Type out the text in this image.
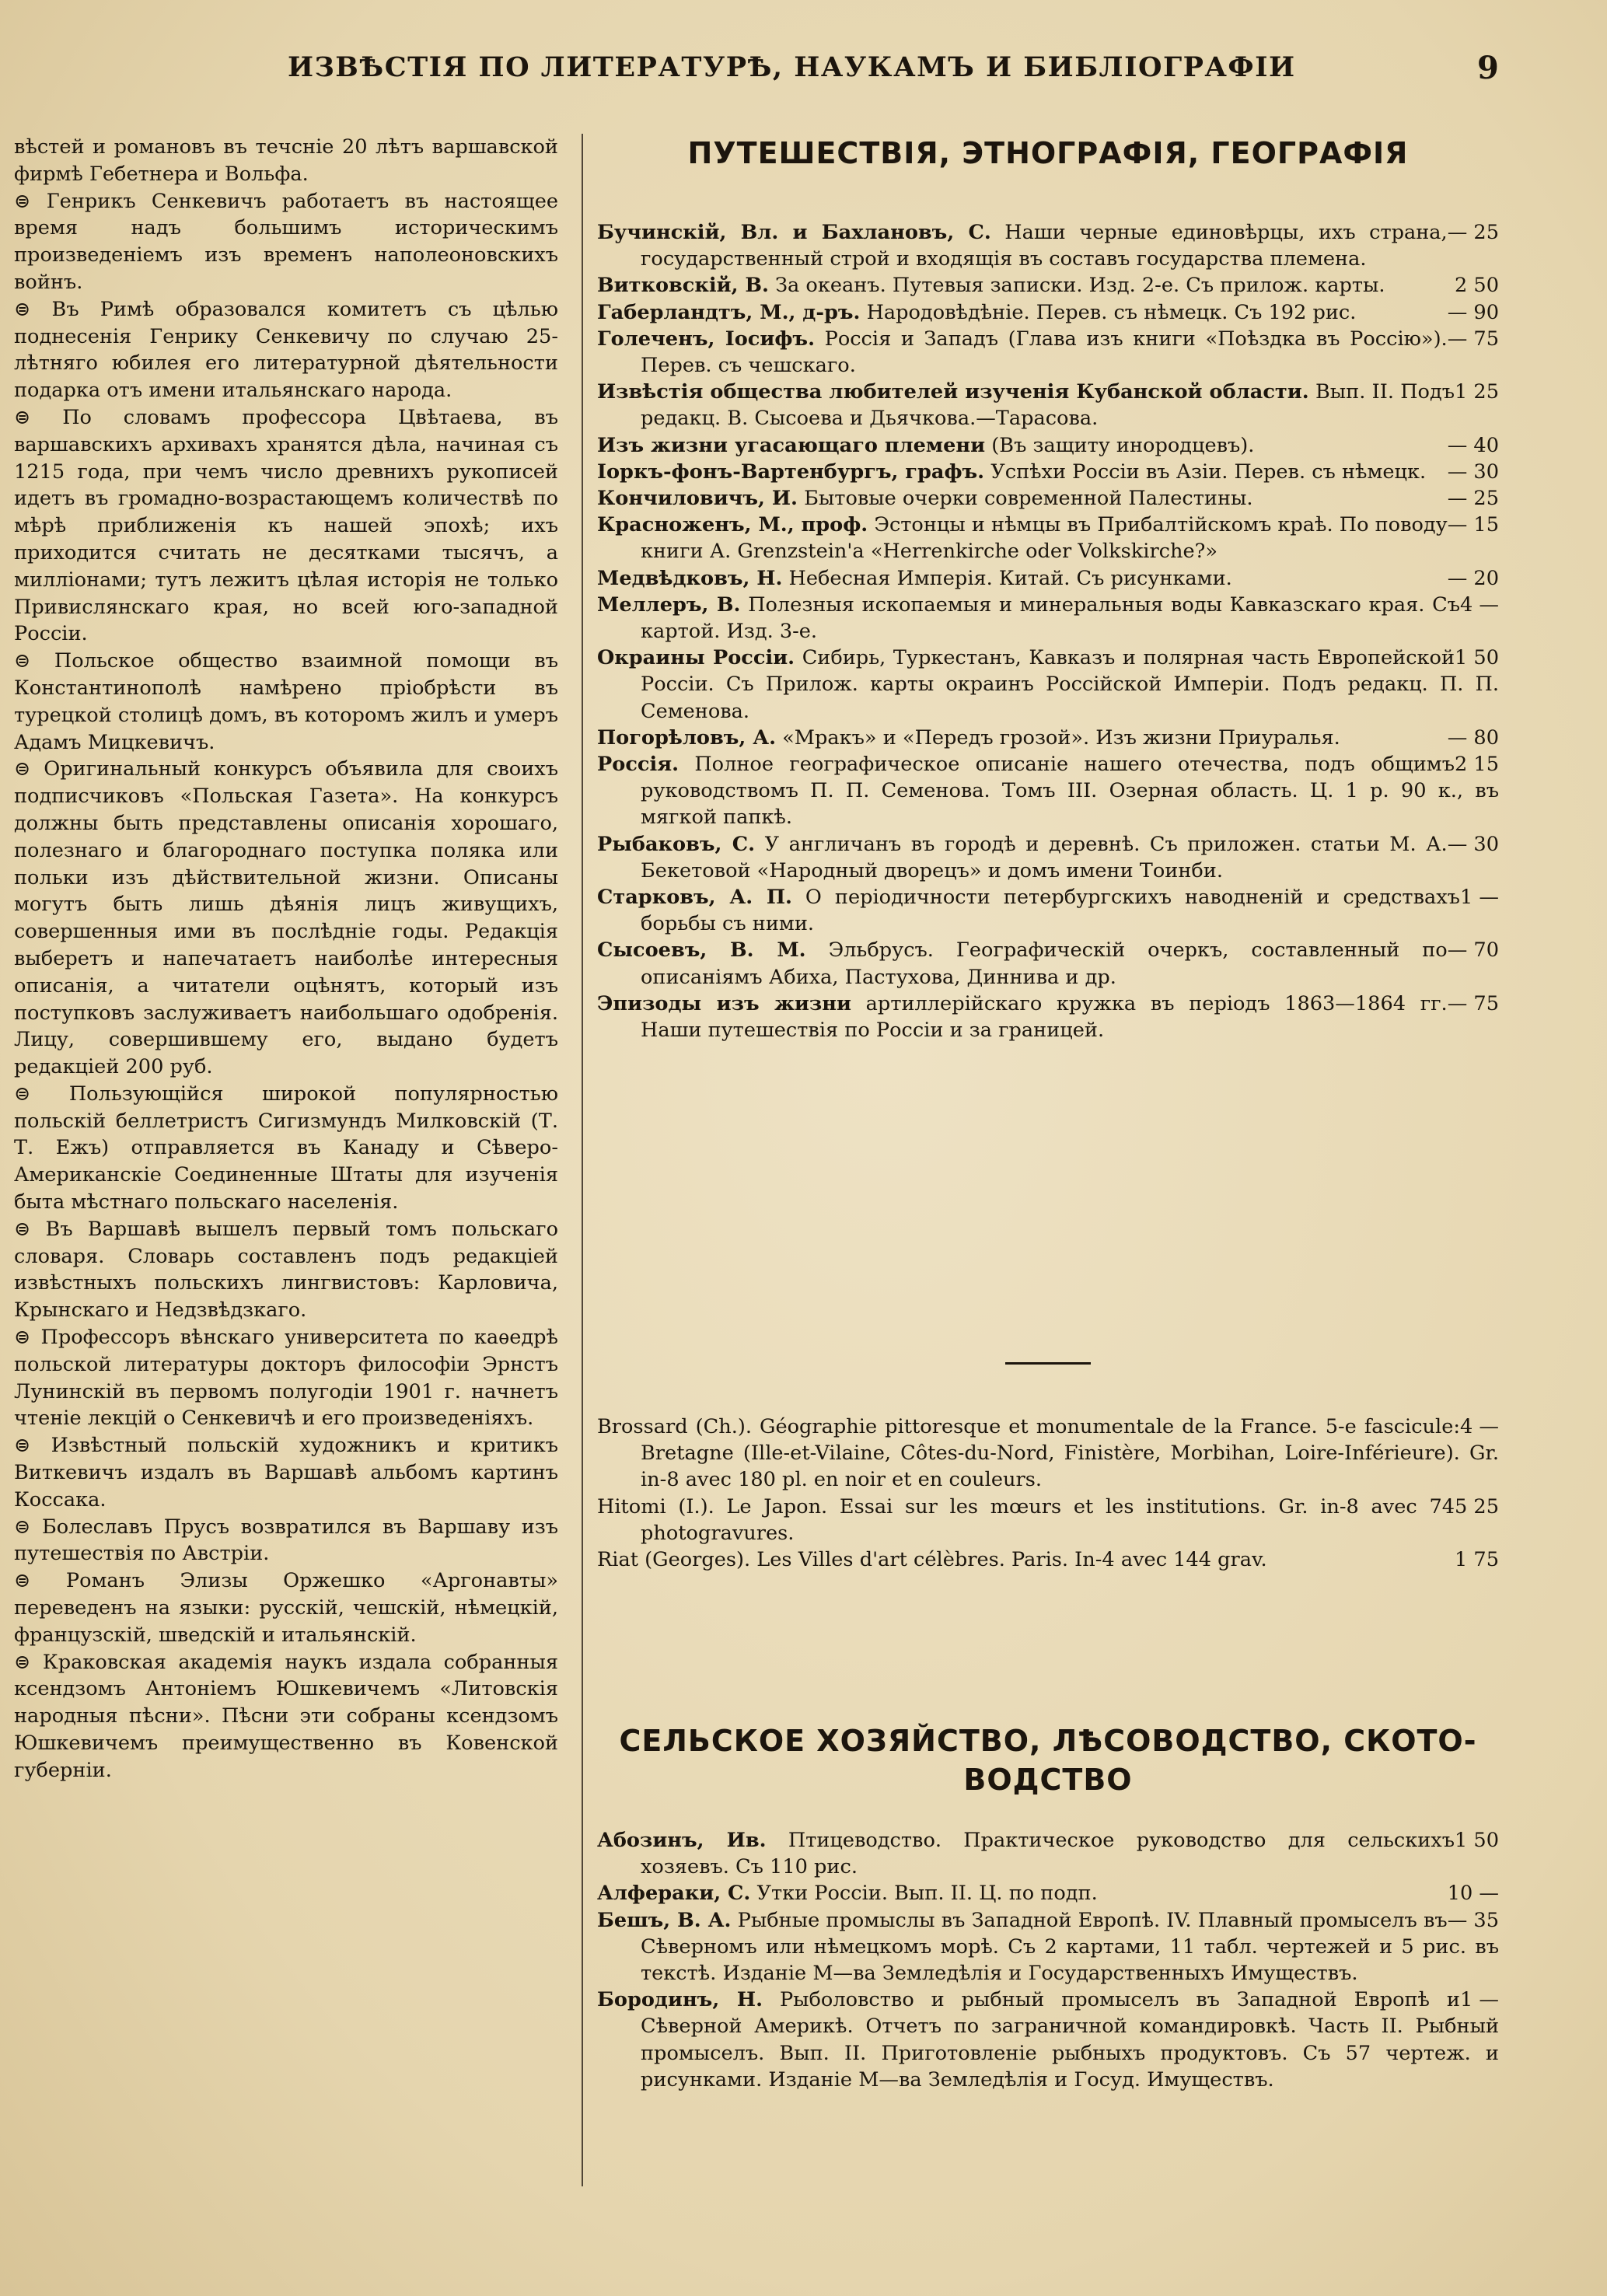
ИЗВѢСТІЯ ПО ЛИТЕРАТУРѢ, НАУКАМЪ И БИБЛІОГРАФІИ	9

вѣстей и романовъ въ течсніе 20 лѣтъ варшавской фирмѣ Гебетнера и Вольфа.

⊜ Генрикъ Сенкевичъ работаетъ въ настоящее время надъ большимъ историческимъ произведеніемъ изъ временъ наполеоновскихъ войнъ.

⊜ Въ Римѣ образовался комитетъ съ цѣлью поднесенія Генрику Сенкевичу по случаю 25-лѣтняго юбилея его литературной дѣятельности подарка отъ имени итальянскаго народа.

⊜ По словамъ профессора Цвѣтаева, въ варшавскихъ архивахъ хранятся дѣла, начиная съ 1215 года, при чемъ число древнихъ рукописей идетъ въ громадно-возрастающемъ количествѣ по мѣрѣ приближенія къ нашей эпохѣ; ихъ приходится считать не десятками тысячъ, а милліонами; тутъ лежитъ цѣлая исторія не только Привислянскаго края, но всей юго-западной Россіи.

⊜ Польское общество взаимной помощи въ Константинополѣ намѣрено пріобрѣсти въ турецкой столицѣ домъ, въ которомъ жилъ и умеръ Адамъ Мицкевичъ.

⊜ Оригинальный конкурсъ объявила для своихъ подписчиковъ «Польская Газета». На конкурсъ должны быть представлены описанія хорошаго, полезнаго и благороднаго поступка поляка или польки изъ дѣйствительной жизни. Описаны могутъ быть лишь дѣянія лицъ живущихъ, совершенныя ими въ послѣдніе годы. Редакція выберетъ и напечатаетъ наиболѣе интересныя описанія, а читатели оцѣнятъ, который изъ поступковъ заслуживаетъ наибольшаго одобренія. Лицу, совершившему его, выдано будетъ редакціей 200 руб.

⊜ Пользующійся широкой популярностью польскій беллетристъ Сигизмундъ Милковскій (Т. Т. Ежъ) отправляется въ Канаду и Сѣверо-Американскіе Соединенные Штаты для изученія быта мѣстнаго польскаго населенія.

⊜ Въ Варшавѣ вышелъ первый томъ польскаго словаря. Словарь составленъ подъ редакціей извѣстныхъ польскихъ лингвистовъ: Карловича, Крынскаго и Недзвѣдзкаго.

⊜ Профессоръ вѣнскаго университета по каѳедрѣ польской литературы докторъ философіи Эрнстъ Лунинскій въ первомъ полугодіи 1901 г. начнетъ чтеніе лекцій о Сенкевичѣ и его произведеніяхъ.

⊜ Извѣстный польскій художникъ и критикъ Виткевичъ издалъ въ Варшавѣ альбомъ картинъ Коссака.

⊜ Болеславъ Прусъ возвратился въ Варшаву изъ путешествія по Австріи.

⊜ Романъ Элизы Оржешко «Аргонавты» переведенъ на языки: русскій, чешскій, нѣмецкій, французскій, шведскій и итальянскій.

⊜ Краковская академія наукъ издала собранныя ксендзомъ Антоніемъ Юшкевичемъ «Литовскія народныя пѣсни». Пѣсни эти собраны ксендзомъ Юшкевичемъ преимущественно въ Ковенской губерніи.

ПУТЕШЕСТВІЯ, ЭТНОГРАФІЯ, ГЕОГРАФІЯ
— 25
Бучинскій, Вл. и Бахлановъ, С. Наши черные единовѣрцы, ихъ страна, государственный строй и входящія въ составъ государства племена.
2 50
Витковскій, В. За океанъ. Путевыя записки. Изд. 2-е. Съ прилож. карты.
— 90
Габерландтъ, М., д-ръ. Народовѣдѣніе. Перев. съ нѣмецк. Съ 192 рис.
— 75
Голеченъ, Іосифъ. Россія и Западъ (Глава изъ книги «Поѣздка въ Россію»). Перев. съ чешскаго.
1 25
Извѣстія общества любителей изученія Кубанской области. Вып. II. Подъ редакц. В. Сысоева и Дьячкова.—Тарасова.
— 40
Изъ жизни угасающаго племени (Въ защиту инородцевъ).
— 30
Іоркъ-фонъ-Вартенбургъ, графъ. Успѣхи Россіи въ Азіи. Перев. съ нѣмецк.
— 25
Кончиловичъ, И. Бытовые очерки современной Палестины.
— 15
Красноженъ, М., проф. Эстонцы и нѣмцы въ Прибалтійскомъ краѣ. По поводу книги А. Grenzstein'a «Herrenkirche oder Volkskirche?»
— 20
Медвѣдковъ, Н. Небесная Имперія. Китай. Съ рисунками.
4 —
Меллеръ, В. Полезныя ископаемыя и минеральныя воды Кавказскаго края. Съ картой. Изд. 3-е.
1 50
Окраины Россіи. Сибирь, Туркестанъ, Кавказъ и полярная часть Европейской Россіи. Съ Прилож. карты окраинъ Россійской Имперіи. Подъ редакц. П. П. Семенова.
— 80
Погорѣловъ, А. «Мракъ» и «Передъ грозой». Изъ жизни Приуралья.
2 15
Россія. Полное географическое описаніе нашего отечества, подъ общимъ руководствомъ П. П. Семенова. Томъ III. Озерная область. Ц. 1 р. 90 к., въ мягкой папкѣ.
— 30
Рыбаковъ, С. У англичанъ въ городѣ и деревнѣ. Съ приложен. статьи М. А. Бекетовой «Народный дворецъ» и домъ имени Тоинби.
1 —
Старковъ, А. П. О періодичности петербургскихъ наводненій и средствахъ борьбы съ ними.
— 70
Сысоевъ, В. М. Эльбрусъ. Географическій очеркъ, составленный по описаніямъ Абиха, Пастухова, Диннива и др.
— 75
Эпизоды изъ жизни артиллерійскаго кружка въ періодъ 1863—1864 гг. Наши путешествія по Россіи и за границей.
4 —
Brossard (Ch.). Géographie pittoresque et monumentale de la France. 5-e fascicule: Bretagne (Ille-et-Vilaine, Côtes-du-Nord, Finistère, Morbihan, Loire-Inférieure). Gr. in-8 avec 180 pl. en noir et en couleurs.
5 25
Hitomi (I.). Le Japon. Essai sur les mœurs et les institutions. Gr. in-8 avec 74 photogravures.
1 75
Riat (Georges). Les Villes d'art célèbres. Paris. In-4 avec 144 grav.
СЕЛЬСКОЕ ХОЗЯЙСТВО, ЛѢСОВОДСТВО, СКОТО-
ВОДСТВО
1 50
Абозинъ, Ив. Птицеводство. Практическое руководство для сельскихъ хозяевъ. Съ 110 рис.
10 —
Алфераки, С. Утки Россіи. Вып. II. Ц. по подп.
— 35
Бешъ, В. А. Рыбные промыслы въ Западной Европѣ. IV. Плавный промыселъ въ Сѣверномъ или нѣмецкомъ морѣ. Съ 2 картами, 11 табл. чертежей и 5 рис. въ текстѣ. Изданіе М—ва Земледѣлія и Государственныхъ Имуществъ.
1 —
Бородинъ, Н. Рыболовство и рыбный промыселъ въ Западной Европѣ и Сѣверной Америкѣ. Отчетъ по заграничной командировкѣ. Часть II. Рыбный промыселъ. Вып. II. Приготовленіе рыбныхъ продуктовъ. Съ 57 чертеж. и рисунками. Изданіе М—ва Земледѣлія и Госуд. Имуществъ.
